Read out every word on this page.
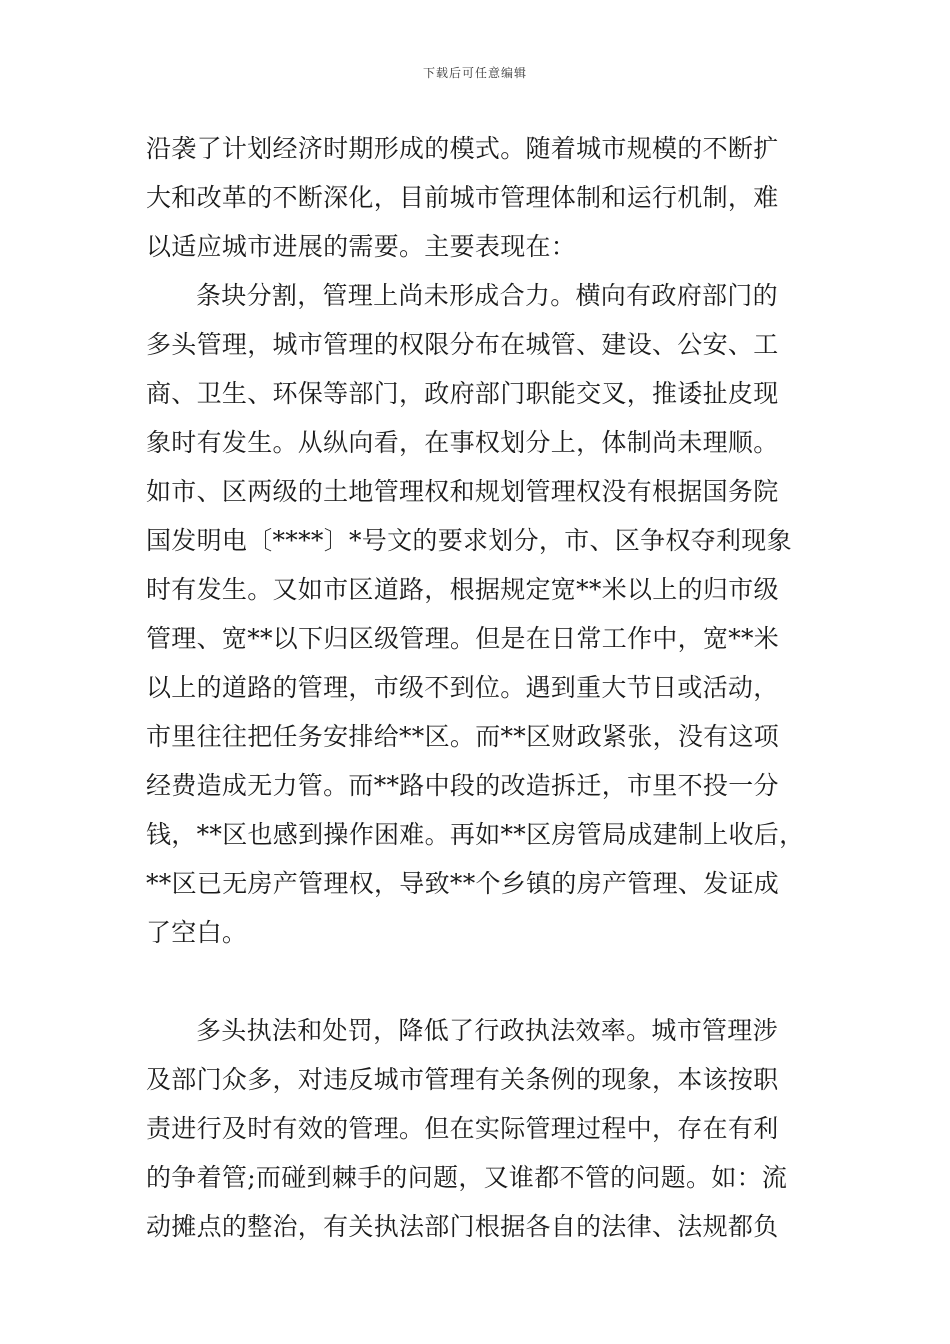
下载后可任意编辑
沿袭了计划经济时期形成的模式。随着城市规模的不断扩
大和改革的不断深化，目前城市管理体制和运行机制，难
以适应城市进展的需要。主要表现在：
条块分割，管理上尚未形成合力。横向有政府部门的
多头管理，城市管理的权限分布在城管、建设、公安、工
商、卫生、环保等部门，政府部门职能交叉，推诿扯皮现
象时有发生。从纵向看，在事权划分上，体制尚未理顺。
如市、区两级的土地管理权和规划管理权没有根据国务院
国发明电〔****〕*号文的要求划分，市、区争权夺利现象
时有发生。又如市区道路，根据规定宽**米以上的归市级
管理、宽**以下归区级管理。但是在日常工作中，宽**米
以上的道路的管理，市级不到位。遇到重大节日或活动，
市里往往把任务安排给**区。而**区财政紧张，没有这项
经费造成无力管。而**路中段的改造拆迁，市里不投一分
钱，**区也感到操作困难。再如**区房管局成建制上收后，
**区已无房产管理权，导致**个乡镇的房产管理、发证成
了空白。
多头执法和处罚，降低了行政执法效率。城市管理涉
及部门众多，对违反城市管理有关条例的现象，本该按职
责进行及时有效的管理。但在实际管理过程中，存在有利
的争着管;而碰到棘手的问题，又谁都不管的问题。如：流
动摊点的整治，有关执法部门根据各自的法律、法规都负
